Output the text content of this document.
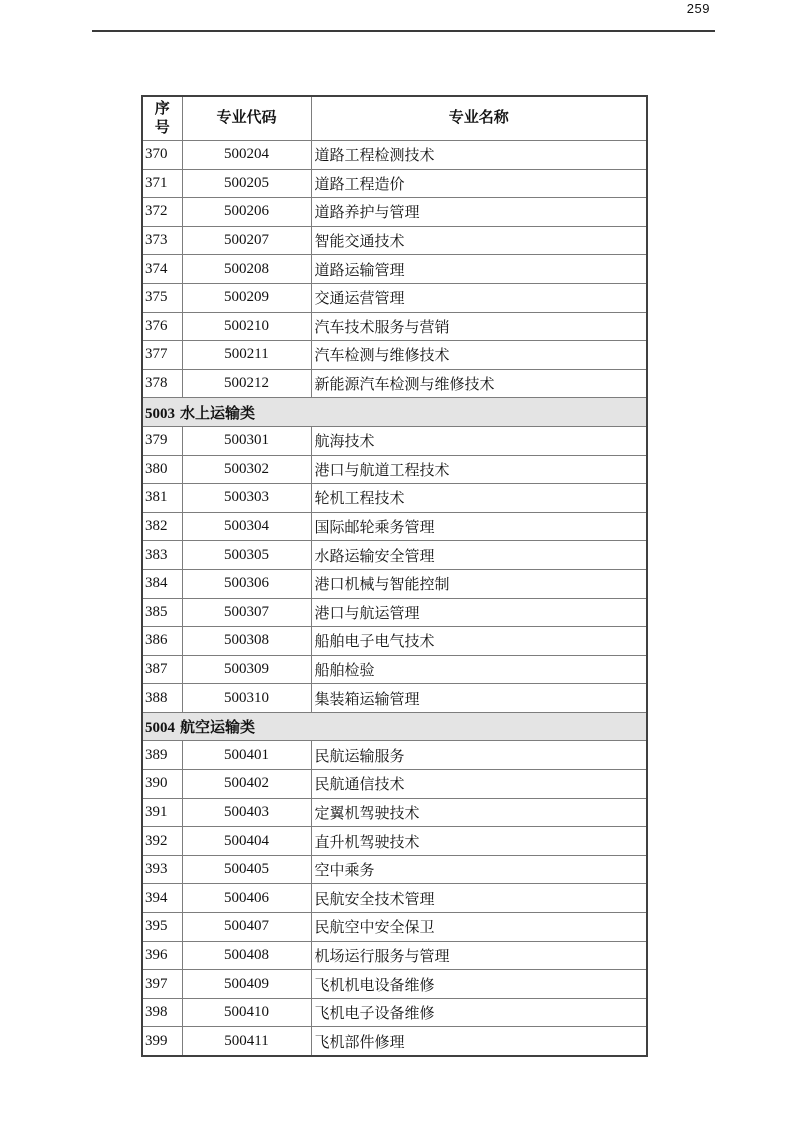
259
序
号	专业代码	专业名称
370	500204	道路工程检测技术
371	500205	道路工程造价
372	500206	道路养护与管理
373	500207	智能交通技术
374	500208	道路运输管理
375	500209	交通运营管理
376	500210	汽车技术服务与营销
377	500211	汽车检测与维修技术
378	500212	新能源汽车检测与维修技术
5003 水上运输类		
379	500301	航海技术
380	500302	港口与航道工程技术
381	500303	轮机工程技术
382	500304	国际邮轮乘务管理
383	500305	水路运输安全管理
384	500306	港口机械与智能控制
385	500307	港口与航运管理
386	500308	船舶电子电气技术
387	500309	船舶检验
388	500310	集装箱运输管理
5004 航空运输类		
389	500401	民航运输服务
390	500402	民航通信技术
391	500403	定翼机驾驶技术
392	500404	直升机驾驶技术
393	500405	空中乘务
394	500406	民航安全技术管理
395	500407	民航空中安全保卫
396	500408	机场运行服务与管理
397	500409	飞机机电设备维修
398	500410	飞机电子设备维修
399	500411	飞机部件修理
